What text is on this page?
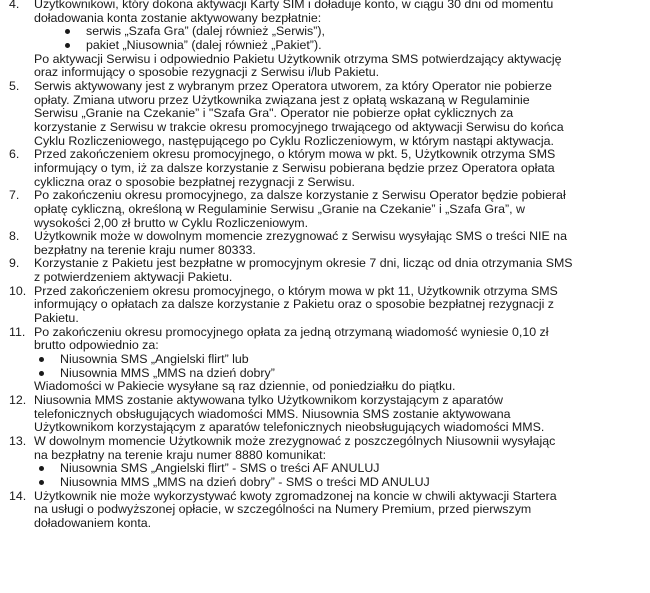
4. Użytkownikowi, który dokona aktywacji Karty SIM i doładuje konto, w ciągu 30 dni od momentu
doładowania konta zostanie aktywowany bezpłatnie:
serwis „Szafa Gra” (dalej również „Serwis”),
pakiet „Niusownia” (dalej również „Pakiet”).
Po aktywacji Serwisu i odpowiednio Pakietu Użytkownik otrzyma SMS potwierdzający aktywację
oraz informujący o sposobie rezygnacji z Serwisu i/lub Pakietu.
5. Serwis aktywowany jest z wybranym przez Operatora utworem, za który Operator nie pobierze
opłaty. Zmiana utworu przez Użytkownika związana jest z opłatą wskazaną w Regulaminie
Serwisu „Granie na Czekanie” i "Szafa Gra". Operator nie pobierze opłat cyklicznych za
korzystanie z Serwisu w trakcie okresu promocyjnego trwającego od aktywacji Serwisu do końca
Cyklu Rozliczeniowego, następującego po Cyklu Rozliczeniowym, w którym nastąpi aktywacja.
6. Przed zakończeniem okresu promocyjnego, o którym mowa w pkt. 5, Użytkownik otrzyma SMS
informujący o tym, iż za dalsze korzystanie z Serwisu pobierana będzie przez Operatora opłata
cykliczna oraz o sposobie bezpłatnej rezygnacji z Serwisu.
7. Po zakończeniu okresu promocyjnego, za dalsze korzystanie z Serwisu Operator będzie pobierał
opłatę cykliczną, określoną w Regulaminie Serwisu „Granie na Czekanie” i „Szafa Gra”, w
wysokości 2,00 zł brutto w Cyklu Rozliczeniowym.
8. Użytkownik może w dowolnym momencie zrezygnować z Serwisu wysyłając SMS o treści NIE na
bezpłatny na terenie kraju numer 80333.
9. Korzystanie z Pakietu jest bezpłatne w promocyjnym okresie 7 dni, licząc od dnia otrzymania SMS
z potwierdzeniem aktywacji Pakietu.
10. Przed zakończeniem okresu promocyjnego, o którym mowa w pkt 11, Użytkownik otrzyma SMS
informujący o opłatach za dalsze korzystanie z Pakietu oraz o sposobie bezpłatnej rezygnacji z
Pakietu.
11. Po zakończeniu okresu promocyjnego opłata za jedną otrzymaną wiadomość wyniesie 0,10 zł
brutto odpowiednio za:
Niusownia SMS „Angielski flirt” lub
Niusownia MMS „MMS na dzień dobry”
Wiadomości w Pakiecie wysyłane są raz dziennie, od poniedziałku do piątku.
12. Niusownia MMS zostanie aktywowana tylko Użytkownikom korzystającym z aparatów
telefonicznych obsługujących wiadomości MMS. Niusownia SMS zostanie aktywowana
Użytkownikom korzystającym z aparatów telefonicznych nieobsługujących wiadomości MMS.
13. W dowolnym momencie Użytkownik może zrezygnować z poszczególnych Niusownii wysyłając
na bezpłatny na terenie kraju numer 8880 komunikat:
Niusownia SMS „Angielski flirt” - SMS o treści AF ANULUJ
Niusownia MMS „MMS na dzień dobry” - SMS o treści MD ANULUJ
14. Użytkownik nie może wykorzystywać kwoty zgromadzonej na koncie w chwili aktywacji Startera
na usługi o podwyższonej opłacie, w szczególności na Numery Premium, przed pierwszym
doładowaniem konta.
